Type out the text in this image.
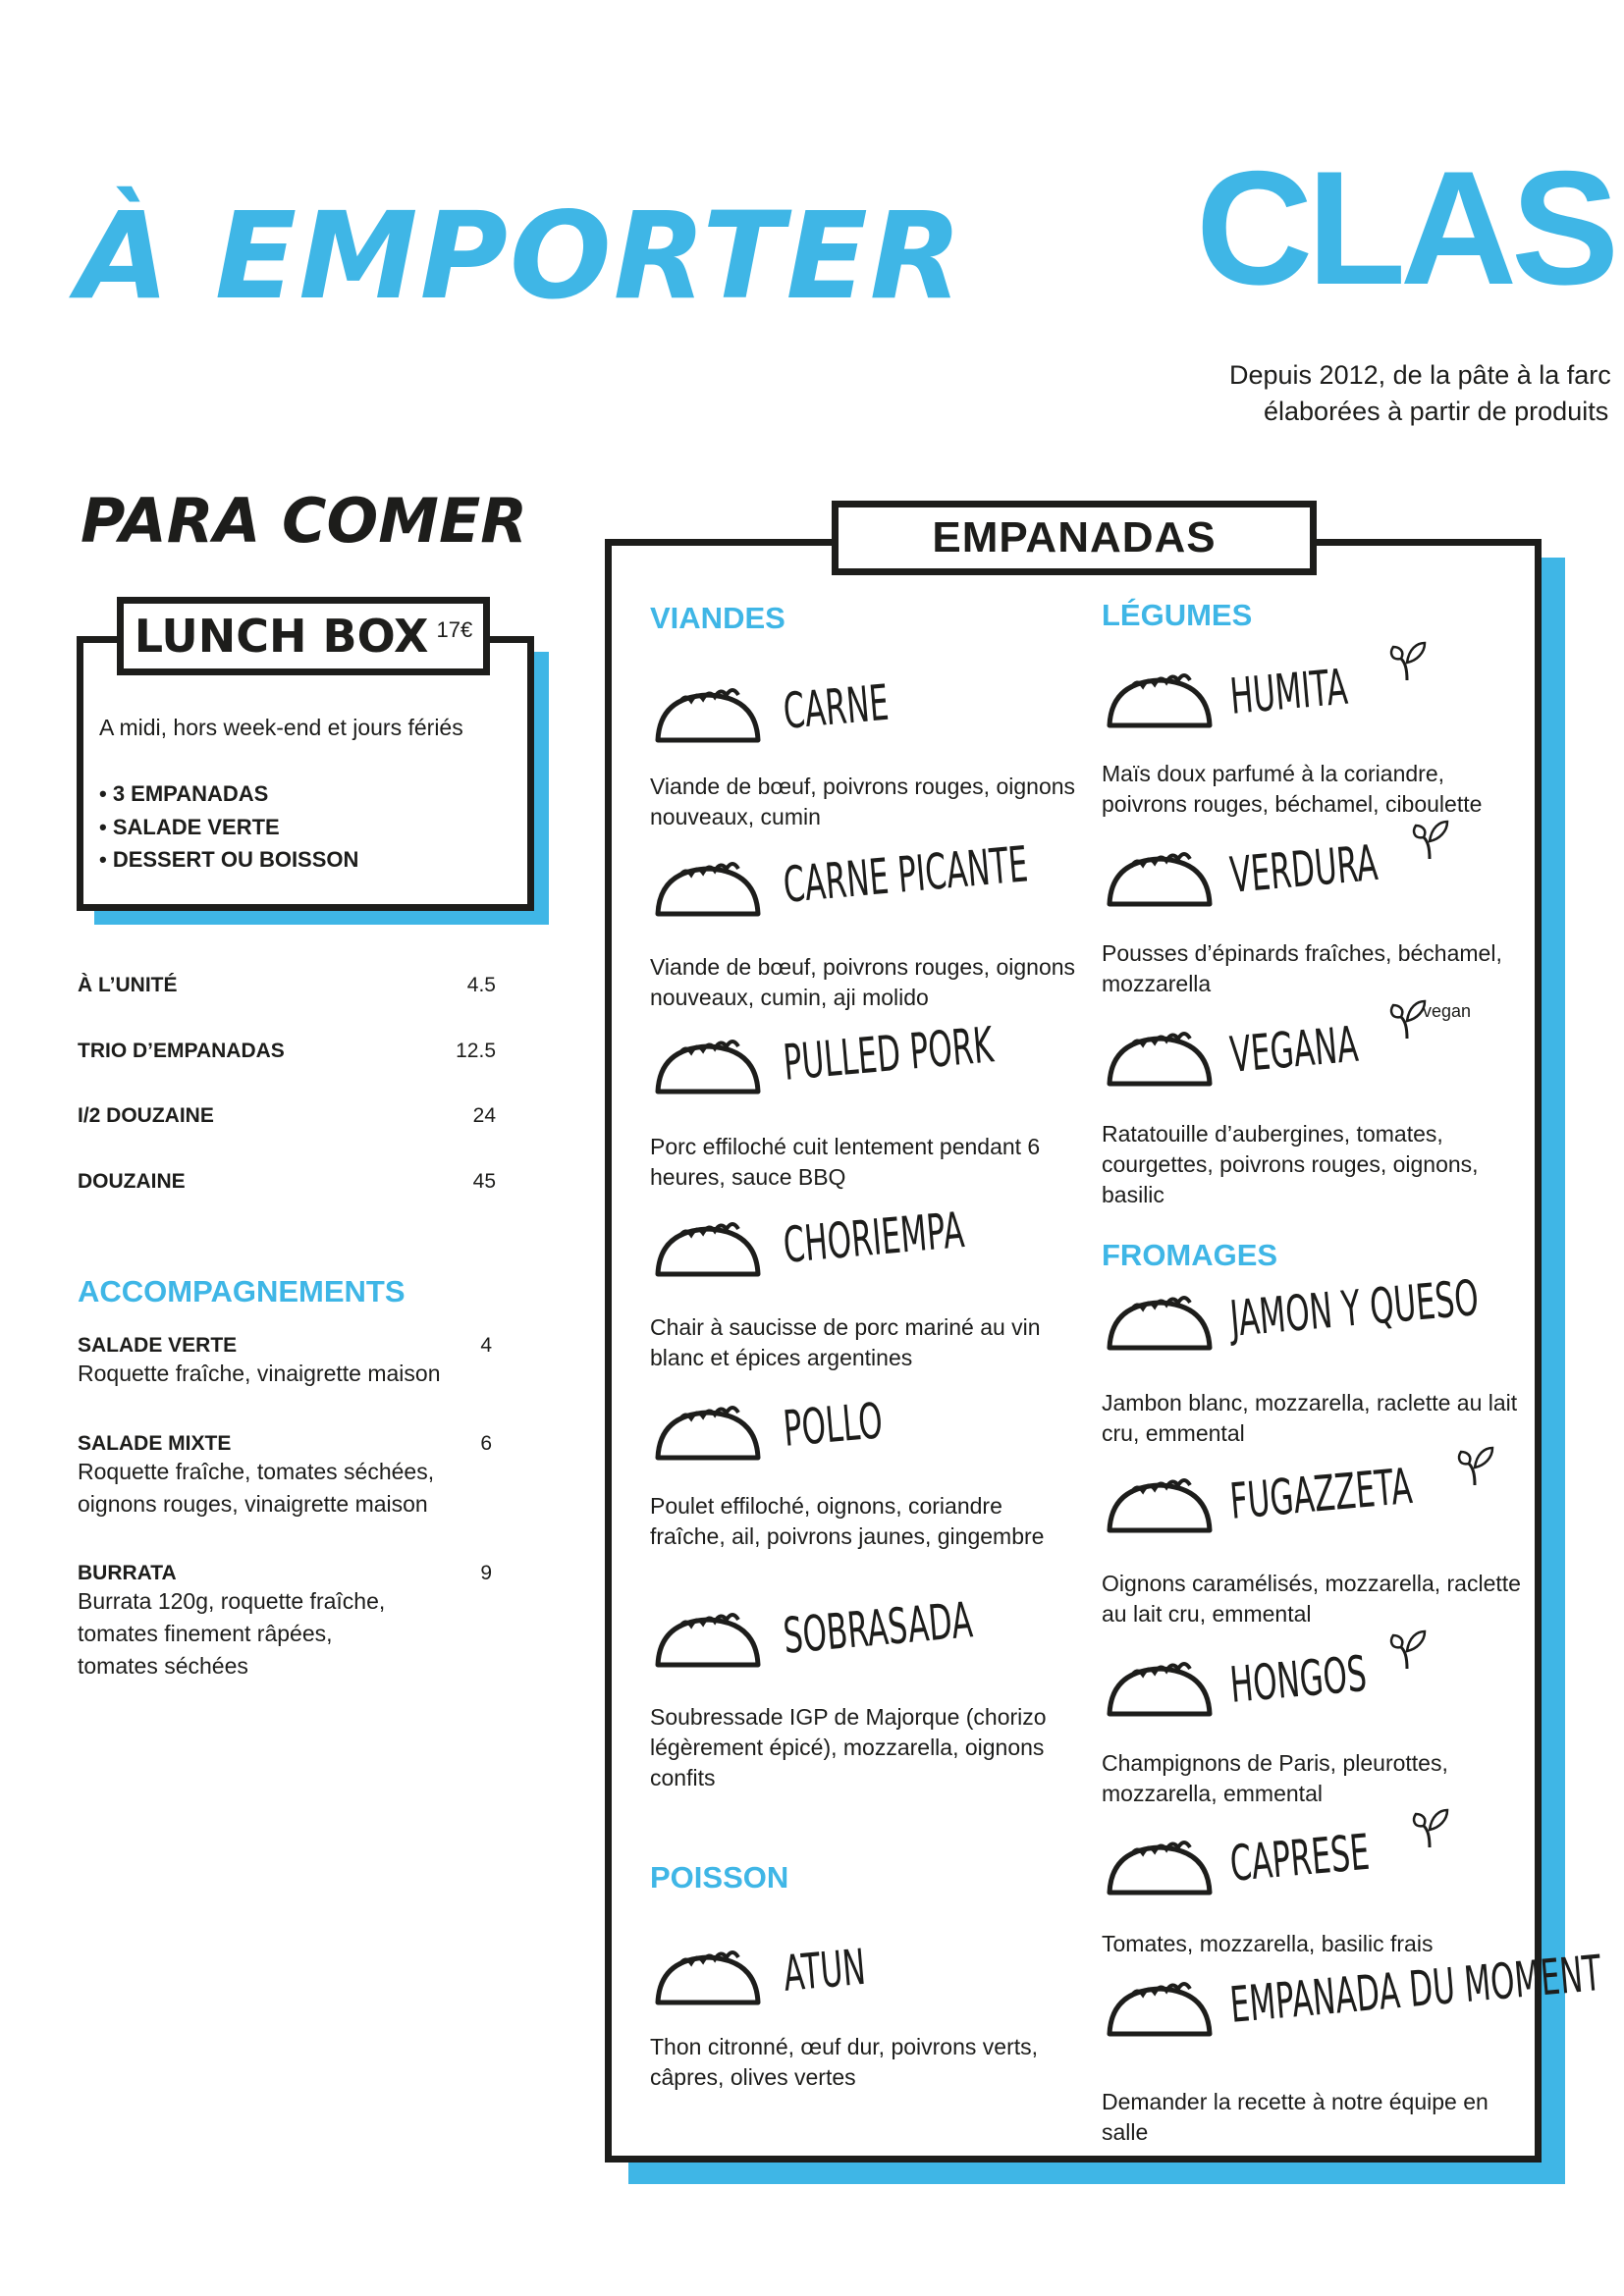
À EMPORTER CLAS
Depuis 2012, de la pâte à la farc
élaborées à partir de produits
PARA COMER
LUNCH BOX 17€
A midi, hors week-end et jours fériés
• 3 EMPANADAS
• SALADE VERTE
• DESSERT OU BOISSON
À L’UNITÉ	4.5
TRIO D’EMPANADAS	12.5
I/2 DOUZAINE	24
DOUZAINE	45
ACCOMPAGNEMENTS
SALADE VERTE	4
Roquette fraîche, vinaigrette maison
SALADE MIXTE	6
Roquette fraîche, tomates séchées, oignons rouges, vinaigrette maison
BURRATA	9
Burrata 120g, roquette fraîche, tomates finement râpées, tomates séchées
EMPANADAS
VIANDES	LÉGUMES
FROMAGES
POISSON
CARNE
Viande de bœuf, poivrons rouges, oignons nouveaux, cumin
CARNE PICANTE
Viande de bœuf, poivrons rouges, oignons nouveaux, cumin, aji molido
PULLED PORK
Porc effiloché cuit lentement pendant 6 heures, sauce BBQ
CHORIEMPA
Chair à saucisse de porc mariné au vin blanc et épices argentines
POLLO
Poulet effiloché, oignons, coriandre fraîche, ail, poivrons jaunes, gingembre
SOBRASADA
Soubressade IGP de Majorque (chorizo légèrement épicé), mozzarella, oignons confits
ATUN
Thon citronné, œuf dur, poivrons verts, câpres, olives vertes
HUMITA
Maïs doux parfumé à la coriandre, poivrons rouges, béchamel, ciboulette
VERDURA
Pousses d’épinards fraîches, béchamel, mozzarella
VEGANA
vegan
Ratatouille d’aubergines, tomates, courgettes, poivrons rouges, oignons, basilic
JAMON Y QUESO
Jambon blanc, mozzarella, raclette au lait cru, emmental
FUGAZZETA
Oignons caramélisés, mozzarella, raclette au lait cru, emmental
HONGOS
Champignons de Paris, pleurottes, mozzarella, emmental
CAPRESE
Tomates, mozzarella, basilic frais
EMPANADA DU MOMENT
Demander la recette à notre équipe en salle
